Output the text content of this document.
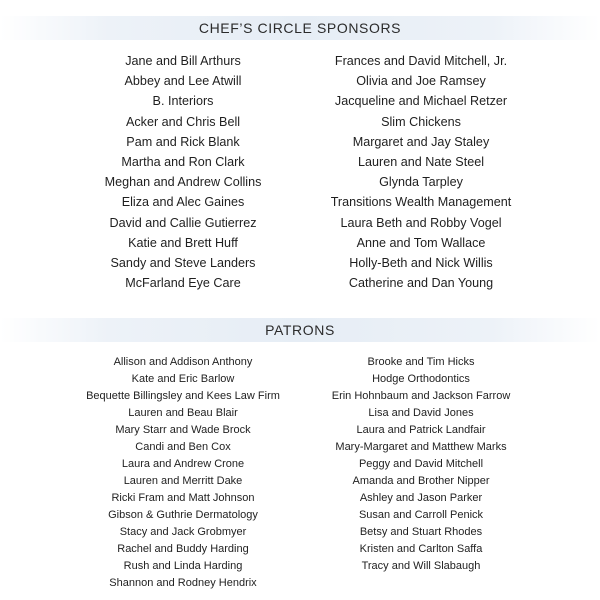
CHEF’S CIRCLE SPONSORS
Jane and Bill Arthurs
Abbey and Lee Atwill
B. Interiors
Acker and Chris Bell
Pam and Rick Blank
Martha and Ron Clark
Meghan and Andrew Collins
Eliza and Alec Gaines
David and Callie Gutierrez
Katie and Brett Huff
Sandy and Steve Landers
McFarland Eye Care
Frances and David Mitchell, Jr.
Olivia and Joe Ramsey
Jacqueline and Michael Retzer
Slim Chickens
Margaret and Jay Staley
Lauren and Nate Steel
Glynda Tarpley
Transitions Wealth Management
Laura Beth and Robby Vogel
Anne and Tom Wallace
Holly-Beth and Nick Willis
Catherine and Dan Young
PATRONS
Allison and Addison Anthony
Kate and Eric Barlow
Bequette Billingsley and Kees Law Firm
Lauren and Beau Blair
Mary Starr and Wade Brock
Candi and Ben Cox
Laura and Andrew Crone
Lauren and Merritt Dake
Ricki Fram and Matt Johnson
Gibson & Guthrie Dermatology
Stacy and Jack Grobmyer
Rachel and Buddy Harding
Rush and Linda Harding
Shannon and Rodney Hendrix
Brooke and Tim Hicks
Hodge Orthodontics
Erin Hohnbaum and Jackson Farrow
Lisa and David Jones
Laura and Patrick Landfair
Mary-Margaret and Matthew Marks
Peggy and David Mitchell
Amanda and Brother Nipper
Ashley and Jason Parker
Susan and Carroll Penick
Betsy and Stuart Rhodes
Kristen and Carlton Saffa
Tracy and Will Slabaugh
